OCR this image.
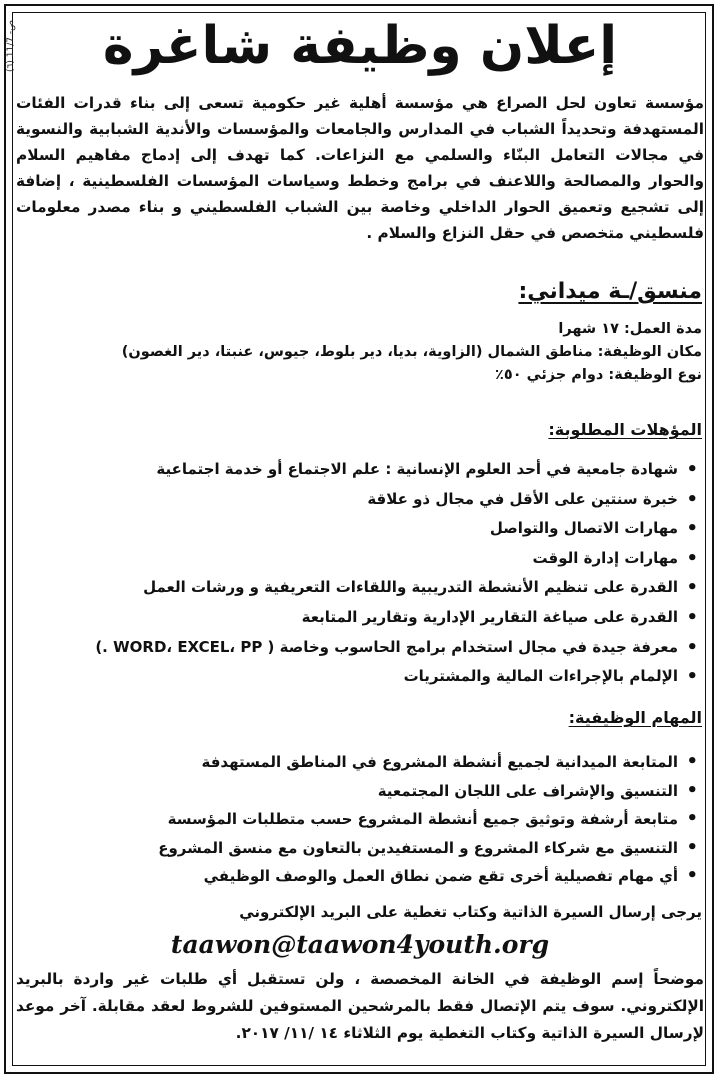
(٦) 11/7 -ص	إعلان وظيفة شاغرة
مؤسسة تعاون لحل الصراع هي مؤسسة أهلية غير حكومية تسعى إلى بناء قدرات الفئات المستهدفة وتحديداً الشباب في المدارس والجامعات والمؤسسات والأندية الشبابية والنسوية في مجالات التعامل البنّاء والسلمي مع النزاعات. كما تهدف إلى إدماج مفاهيم السلام والحوار والمصالحة واللاعنف في برامج وخطط وسياسات المؤسسات الفلسطينية ، إضافة إلى تشجيع وتعميق الحوار الداخلي وخاصة بين الشباب الفلسطيني و بناء مصدر معلومات فلسطيني متخصص في حقل النزاع والسلام .
منسق/ـة ميداني:
مدة العمل: ١٧ شهرا
مكان الوظيفة: مناطق الشمال (الزاوية، بديا، دير بلوط، جيوس، عنبتا، دير الغصون)
نوع الوظيفة: دوام جزئي ٥٠٪
المؤهلات المطلوبة:
•
شهادة جامعية في أحد العلوم الإنسانية : علم الاجتماع أو خدمة اجتماعية
•
خبرة سنتين على الأقل في مجال ذو علاقة
•
مهارات الاتصال والتواصل
•
مهارات إدارة الوقت
•
القدرة على تنظيم الأنشطة التدريبية واللقاءات التعريفية و ورشات العمل
•
القدرة على صياغة التقارير الإدارية وتقارير المتابعة
•
معرفة جيدة في مجال استخدام برامج الحاسوب وخاصة ( WORD، EXCEL، PP .)
•
الإلمام بالإجراءات المالية والمشتريات
المهام الوظيفية:
•
المتابعة الميدانية لجميع أنشطة المشروع في المناطق المستهدفة
•
التنسيق والإشراف على اللجان المجتمعية
•
متابعة أرشفة وتوثيق جميع أنشطة المشروع حسب متطلبات المؤسسة
•
التنسيق مع شركاء المشروع و المستفيدين بالتعاون مع منسق المشروع
•
أي مهام تفصيلية أخرى تقع ضمن نطاق العمل والوصف الوظيفي
يرجى إرسال السيرة الذاتية وكتاب تغطية على البريد الإلكتروني
taawon@taawon4youth.org
موضحاً إسم الوظيفة في الخانة المخصصة ، ولن تستقبل أي طلبات غير واردة بالبريد الإلكتروني. سوف يتم الإتصال فقط بالمرشحين المستوفين للشروط لعقد مقابلة. آخر موعد لإرسال السيرة الذاتية وكتاب التغطية يوم الثلاثاء ١٤ /١١/ ٢٠١٧.
